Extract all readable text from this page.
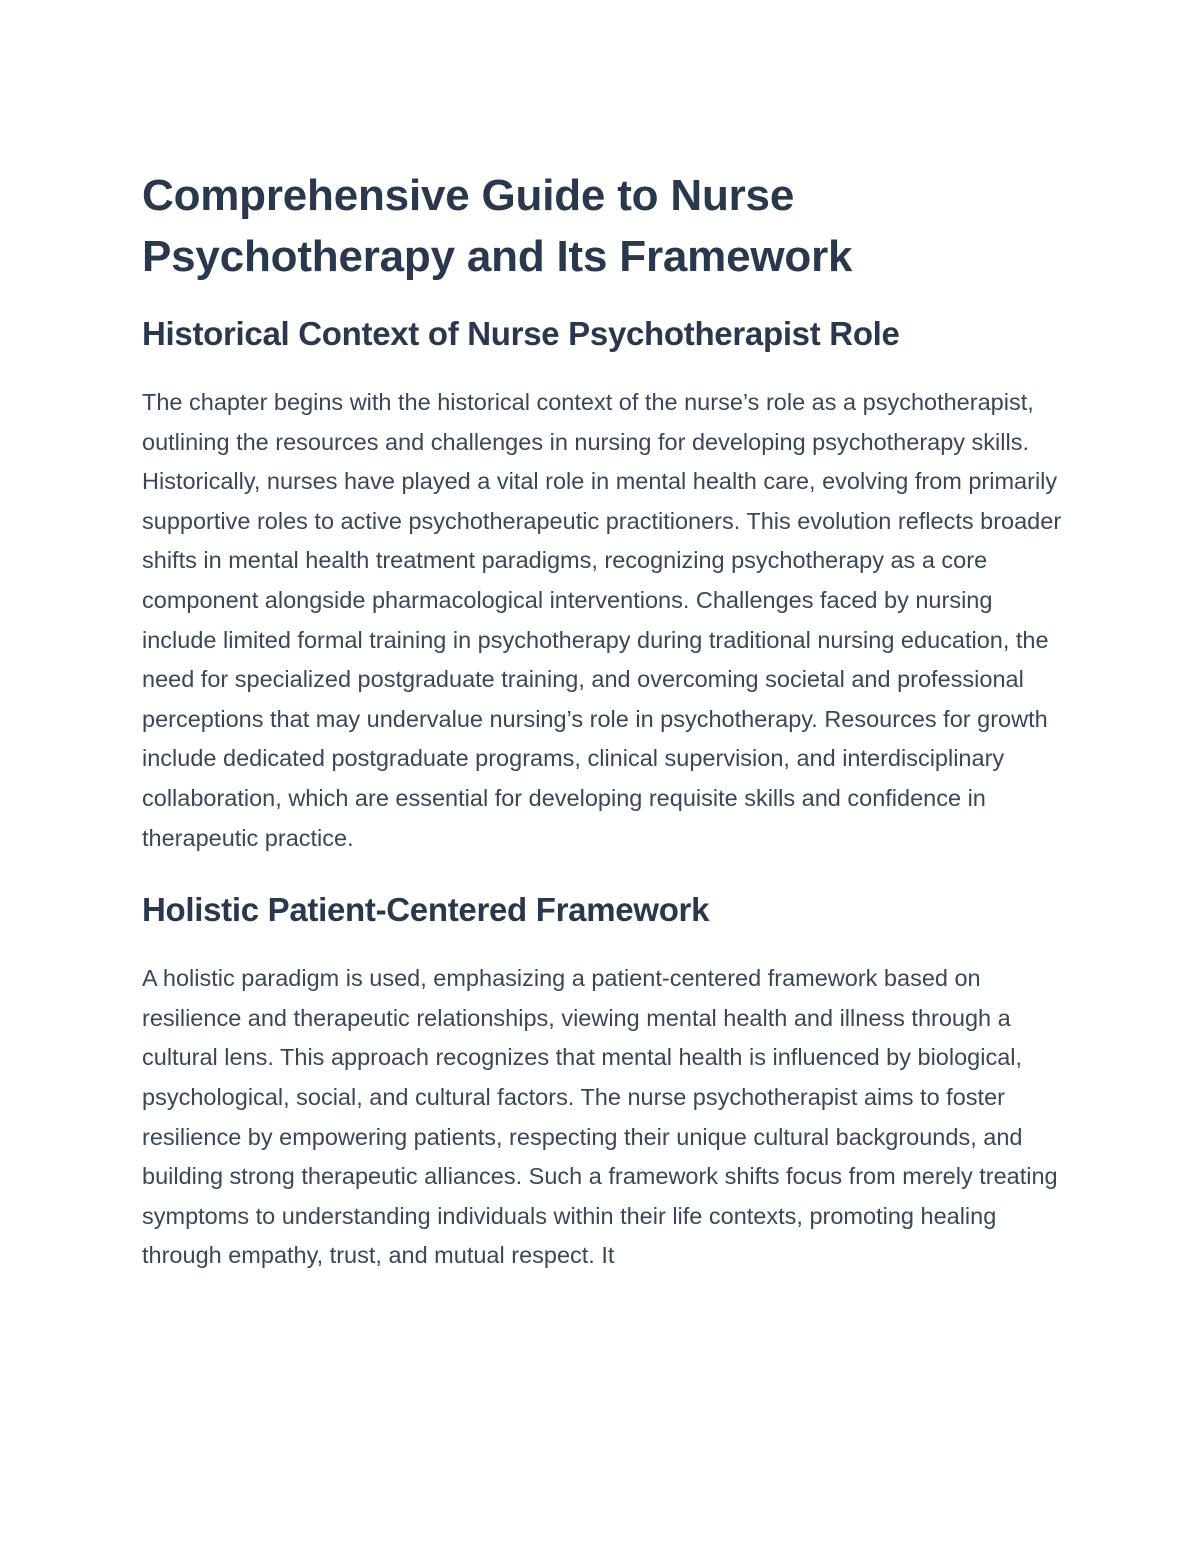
Comprehensive Guide to Nurse Psychotherapy and Its Framework
Historical Context of Nurse Psychotherapist Role

The chapter begins with the historical context of the nurse’s role as a psychotherapist, outlining the resources and challenges in nursing for developing psychotherapy skills. Historically, nurses have played a vital role in mental health care, evolving from primarily supportive roles to active psychotherapeutic practitioners. This evolution reflects broader shifts in mental health treatment paradigms, recognizing psychotherapy as a core component alongside pharmacological interventions. Challenges faced by nursing include limited formal training in psychotherapy during traditional nursing education, the need for specialized postgraduate training, and overcoming societal and professional perceptions that may undervalue nursing’s role in psychotherapy. Resources for growth include dedicated postgraduate programs, clinical supervision, and interdisciplinary collaboration, which are essential for developing requisite skills and confidence in therapeutic practice.

Holistic Patient-Centered Framework

A holistic paradigm is used, emphasizing a patient-centered framework based on resilience and therapeutic relationships, viewing mental health and illness through a cultural lens. This approach recognizes that mental health is influenced by biological, psychological, social, and cultural factors. The nurse psychotherapist aims to foster resilience by empowering patients, respecting their unique cultural backgrounds, and building strong therapeutic alliances. Such a framework shifts focus from merely treating symptoms to understanding individuals within their life contexts, promoting healing through empathy, trust, and mutual respect. It
